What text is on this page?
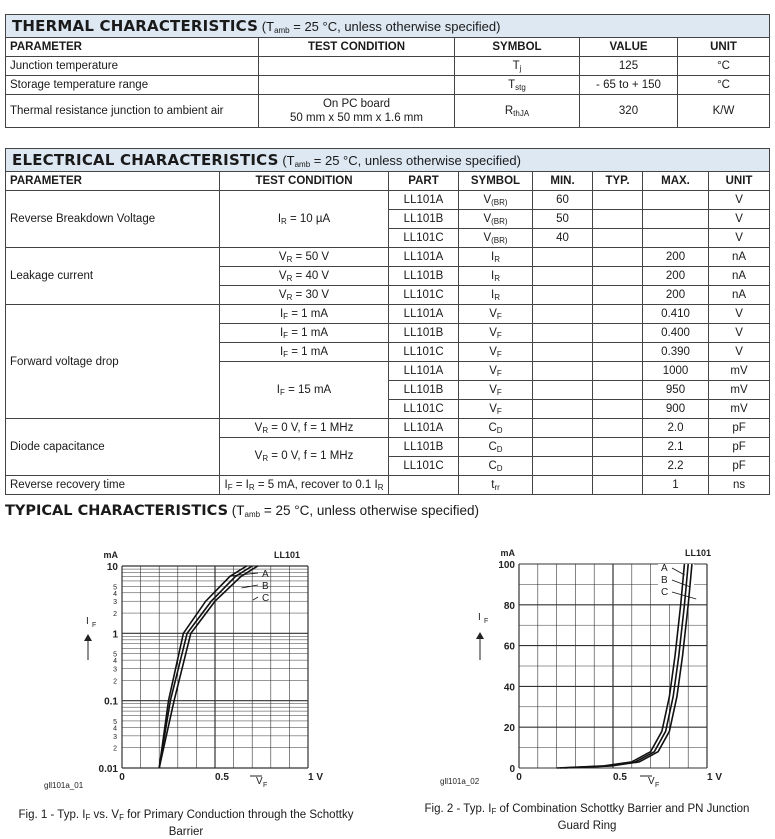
THERMAL CHARACTERISTICS ($T_{amb} = 25$ °C, unless otherwise specified)				
PARAMETER	TEST CONDITION	SYMBOL	VALUE	UNIT
Junction temperature		$T_j$	125	°C
Storage temperature range		$T_{stg}$	- 65 to + 150	°C
Thermal resistance junction to ambient air	On PC board
50 mm x 50 mm x 1.6 mm	$R_{thJA}$	320	K/W
ELECTRICAL CHARACTERISTICS ($T_{amb} = 25$ °C, unless otherwise specified)							
PARAMETER	TEST CONDITION	PART	SYMBOL	MIN.	TYP.	MAX.	UNIT
Reverse Breakdown Voltage	$I_R = 10$ µA	LL101A	$V_{(BR)}$	60			V
		LL101B	$V_{(BR)}$	50			V
		LL101C	$V_{(BR)}$	40			V
Leakage current	$V_R = 50$ V	LL101A	$I_R$			200	nA
	$V_R = 40$ V	LL101B	$I_R$			200	nA
	$V_R = 30$ V	LL101C	$I_R$			200	nA
Forward voltage drop	$I_F = 1$ mA	LL101A	$V_F$			0.410	V
	$I_F = 1$ mA	LL101B	$V_F$			0.400	V
	$I_F = 1$ mA	LL101C	$V_F$			0.390	V
	$I_F = 15$ mA	LL101A	$V_F$			1000	mV
		LL101B	$V_F$			950	mV
		LL101C	$V_F$			900	mV
Diode capacitance	$V_R = 0$ V, f = 1 MHz	LL101A	$C_D$			2.0	pF
	$V_R = 0$ V, f = 1 MHz	LL101B	$C_D$			2.1	pF
		LL101C	$C_D$			2.2	pF
Reverse recovery time	$I_F = I_R = 5$ mA, recover to 0.1 $I_R$		$t_{rr}$			1	ns
TYPICAL CHARACTERISTICS ($T_{amb} = 25$ °C, unless otherwise specified)
10
1
0.1
0.01
5
4
3
2
5
4
3
2
5
4
3
2
0	0.5	1 V
mA	LL101
I F
V F
gll101a_01
A
B
C
Fig. 1 - Typ. $I_F$ vs. $V_F$ for Primary Conduction through the Schottky
Barrier
100
80
60
40
20
0
0	0.5	1 V
mA	LL101
I F
V F
gll101a_02
A
B
C
Fig. 2 - Typ. $I_F$ of Combination Schottky Barrier and PN Junction
Guard Ring
